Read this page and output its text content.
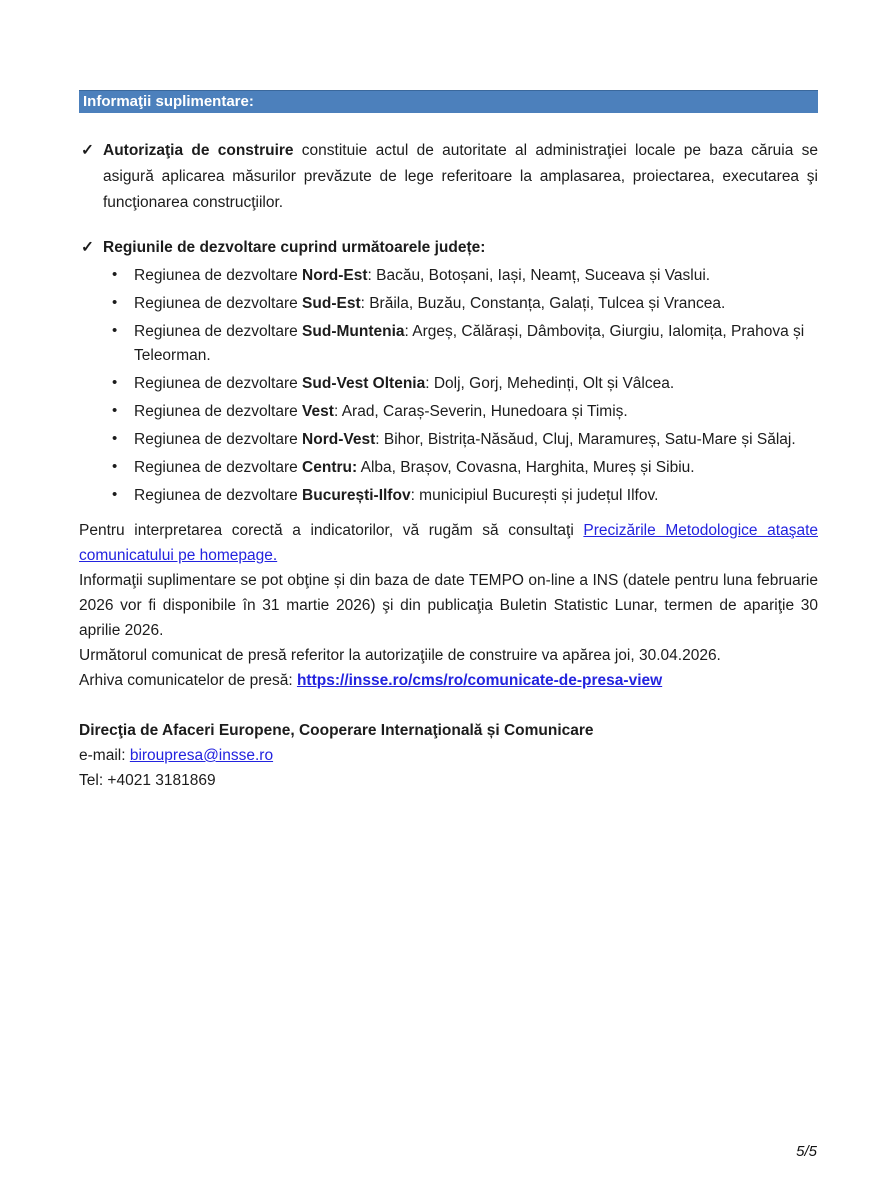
Informaţii suplimentare:
✓ Autorizaţia de construire constituie actul de autoritate al administraţiei locale pe baza căruia se asigură aplicarea măsurilor prevăzute de lege referitoare la amplasarea, proiectarea, executarea şi funcţionarea construcţiilor.
✓ Regiunile de dezvoltare cuprind următoarele județe:
• Regiunea de dezvoltare Nord-Est: Bacău, Botoșani, Iași, Neamț, Suceava și Vaslui.
• Regiunea de dezvoltare Sud-Est: Brăila, Buzău, Constanța, Galați, Tulcea și Vrancea.
• Regiunea de dezvoltare Sud-Muntenia: Argeș, Călărași, Dâmbovița, Giurgiu, Ialomița, Prahova și Teleorman.
• Regiunea de dezvoltare Sud-Vest Oltenia: Dolj, Gorj, Mehedinți, Olt și Vâlcea.
• Regiunea de dezvoltare Vest: Arad, Caraș-Severin, Hunedoara și Timiș.
• Regiunea de dezvoltare Nord-Vest: Bihor, Bistrița-Năsăud, Cluj, Maramureș, Satu-Mare și Sălaj.
• Regiunea de dezvoltare Centru: Alba, Brașov, Covasna, Harghita, Mureș și Sibiu.
• Regiunea de dezvoltare București-Ilfov: municipiul București și județul Ilfov.

Pentru interpretarea corectă a indicatorilor, vă rugăm să consultaţi Precizările Metodologice ataşate comunicatului pe homepage.

Informaţii suplimentare se pot obţine și din baza de date TEMPO on-line a INS (datele pentru luna februarie 2026 vor fi disponibile în 31 martie 2026) şi din publicaţia Buletin Statistic Lunar, termen de apariţie 30 aprilie 2026.

Următorul comunicat de presă referitor la autorizaţiile de construire va apărea joi, 30.04.2026.

Arhiva comunicatelor de presă: https://insse.ro/cms/ro/comunicate-de-presa-view

Direcţia de Afaceri Europene, Cooperare Internaţională și Comunicare

e-mail: biroupresa@insse.ro

Tel: +4021 3181869

5/5
